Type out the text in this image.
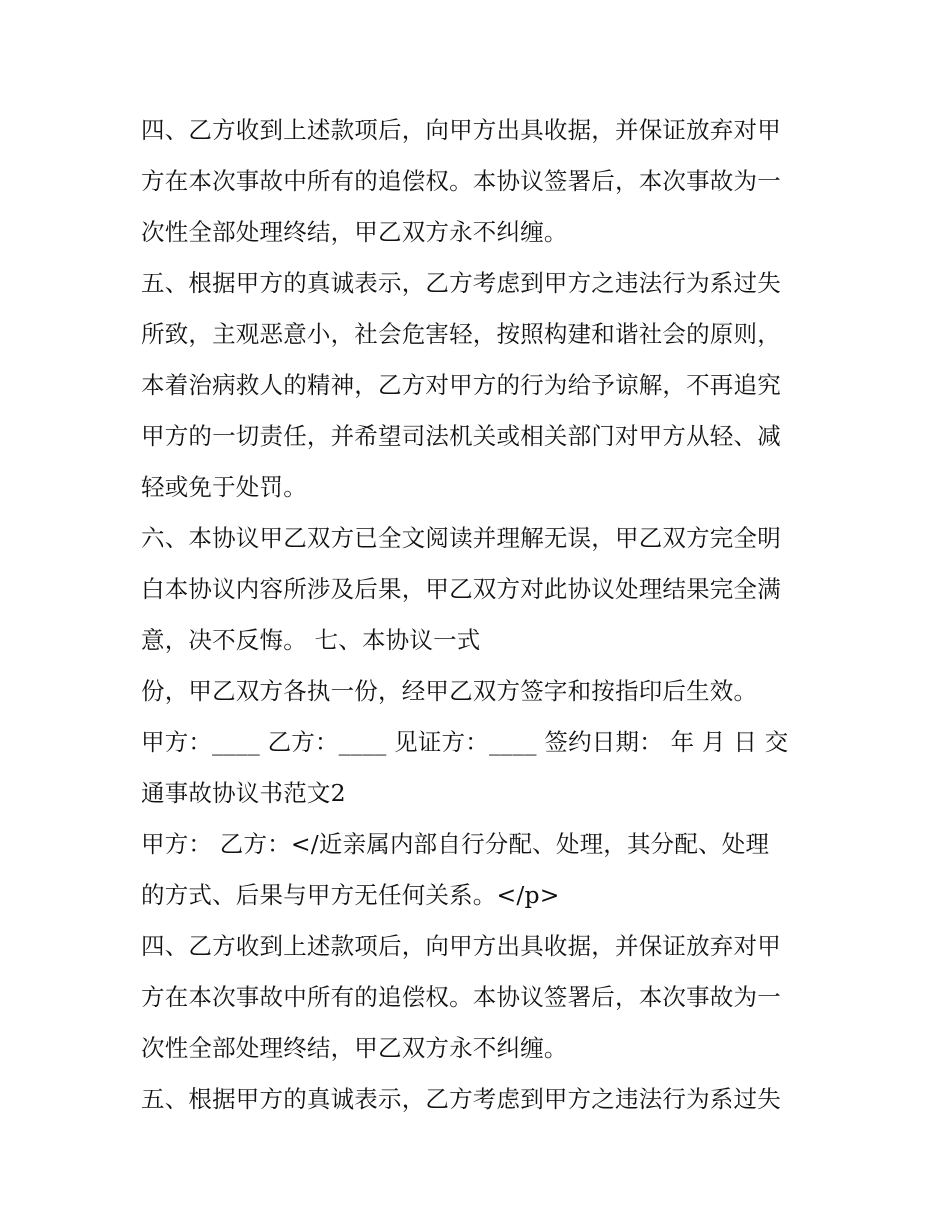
四、乙方收到上述款项后，向甲方出具收据，并保证放弃对甲
方在本次事故中所有的追偿权。本协议签署后，本次事故为一
次性全部处理终结，甲乙双方永不纠缠。
五、根据甲方的真诚表示，乙方考虑到甲方之违法行为系过失
所致，主观恶意小，社会危害轻，按照构建和谐社会的原则，
本着治病救人的精神，乙方对甲方的行为给予谅解，不再追究
甲方的一切责任，并希望司法机关或相关部门对甲方从轻、减
轻或免于处罚。
六、本协议甲乙双方已全文阅读并理解无误，甲乙双方完全明
白本协议内容所涉及后果，甲乙双方对此协议处理结果完全满
意，决不反悔。 七、本协议一式
份，甲乙双方各执一份，经甲乙双方签字和按指印后生效。
甲方：____ 乙方：____ 见证方：____ 签约日期： 年 月 日 交
通事故协议书范文2
甲方： 乙方：</近亲属内部自行分配、处理，其分配、处理
的方式、后果与甲方无任何关系。</p>
四、乙方收到上述款项后，向甲方出具收据，并保证放弃对甲
方在本次事故中所有的追偿权。本协议签署后，本次事故为一
次性全部处理终结，甲乙双方永不纠缠。
五、根据甲方的真诚表示，乙方考虑到甲方之违法行为系过失
